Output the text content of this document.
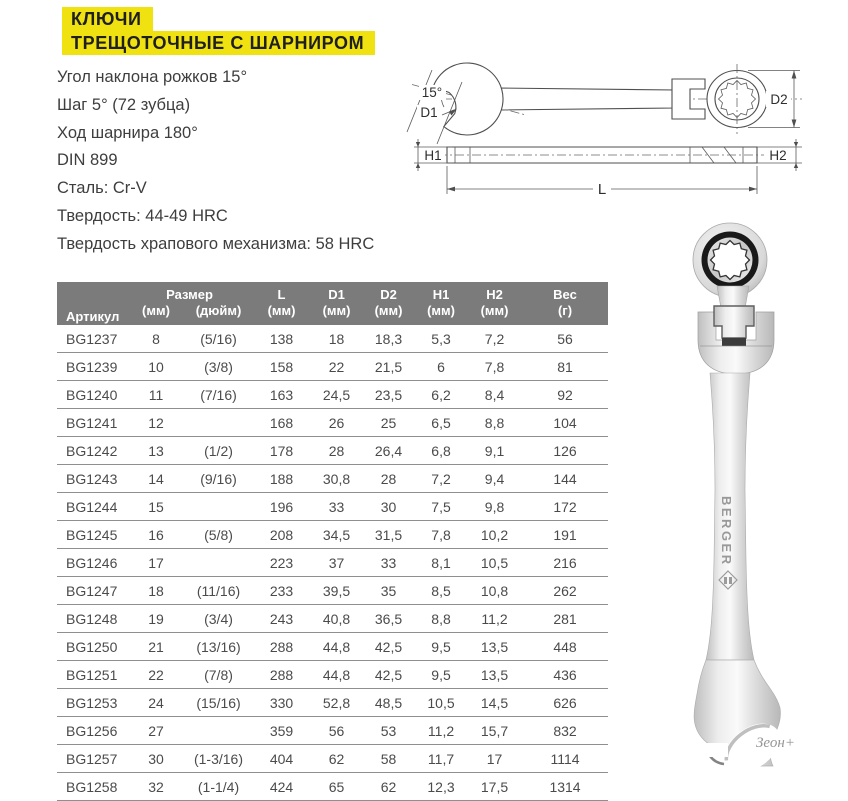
КЛЮЧИ
ТРЕЩОТОЧНЫЕ С ШАРНИРОМ
Угол наклона рожков 15°
Шаг 5° (72 зубца)
Ход шарнира 180°
DIN 899
Сталь: Cr-V
Твердость: 44-49 HRC
Твердость храпового механизма: 58 HRC
15°
D1
D2
H1	H2
L
BERGER
Артикул	Размер		L	D1	D2	H1	H2	Вес
	(мм)	(дюйм)	(мм)	(мм)	(мм)	(мм)	(мм)	(г)
BG1237	8	(5/16)	138	18	18,3	5,3	7,2	56
BG1239	10	(3/8)	158	22	21,5	6	7,8	81
BG1240	11	(7/16)	163	24,5	23,5	6,2	8,4	92
BG1241	12		168	26	25	6,5	8,8	104
BG1242	13	(1/2)	178	28	26,4	6,8	9,1	126
BG1243	14	(9/16)	188	30,8	28	7,2	9,4	144
BG1244	15		196	33	30	7,5	9,8	172
BG1245	16	(5/8)	208	34,5	31,5	7,8	10,2	191
BG1246	17		223	37	33	8,1	10,5	216
BG1247	18	(11/16)	233	39,5	35	8,5	10,8	262
BG1248	19	(3/4)	243	40,8	36,5	8,8	11,2	281
BG1250	21	(13/16)	288	44,8	42,5	9,5	13,5	448
BG1251	22	(7/8)	288	44,8	42,5	9,5	13,5	436
BG1253	24	(15/16)	330	52,8	48,5	10,5	14,5	626
BG1256	27		359	56	53	11,2	15,7	832
BG1257	30	(1-3/16)	404	62	58	11,7	17	1114
BG1258	32	(1-1/4)	424	65	62	12,3	17,5	1314
Зеон+
